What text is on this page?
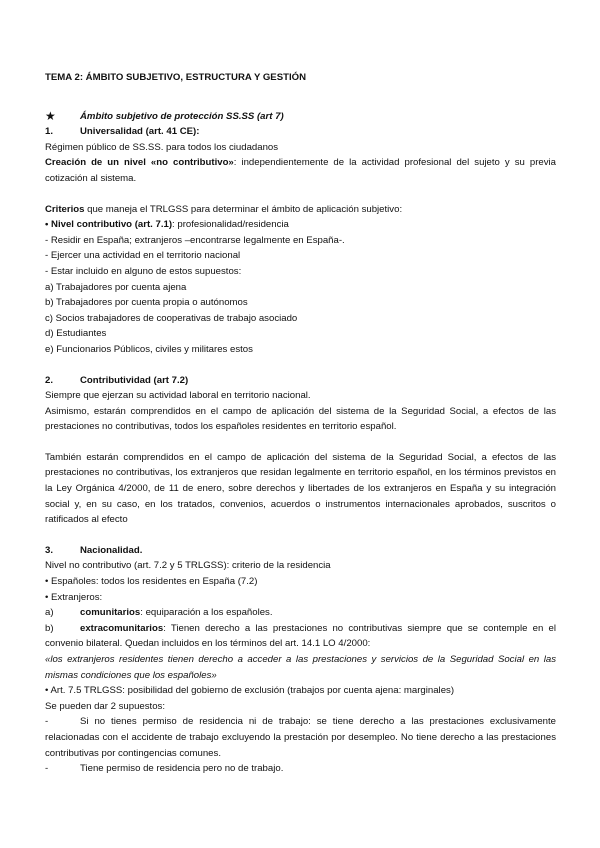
TEMA 2: ÁMBITO SUBJETIVO, ESTRUCTURA Y GESTIÓN

★	Ámbito subjetivo de protección SS.SS (art 7)
1.	Universalidad (art. 41 CE):

Régimen público de SS.SS. para todos los ciudadanos

Creación de un nivel «no contributivo»: independientemente de la actividad profesional del sujeto y su previa cotización al sistema.

Criterios que maneja el TRLGSS para determinar el ámbito de aplicación subjetivo:

• Nivel contributivo (art. 7.1): profesionalidad/residencia

- Residir en España; extranjeros –encontrarse legalmente en España-.

- Ejercer una actividad en el territorio nacional

- Estar incluido en alguno de estos supuestos:

a) Trabajadores por cuenta ajena

b) Trabajadores por cuenta propia o autónomos

c) Socios trabajadores de cooperativas de trabajo asociado

d) Estudiantes

e) Funcionarios Públicos, civiles y militares estos

2.	Contributividad (art 7.2)

Siempre que ejerzan su actividad laboral en territorio nacional.

Asimismo, estarán comprendidos en el campo de aplicación del sistema de la Seguridad Social, a efectos de las prestaciones no contributivas, todos los españoles residentes en territorio español.

También estarán comprendidos en el campo de aplicación del sistema de la Seguridad Social, a efectos de las prestaciones no contributivas, los extranjeros que residan legalmente en territorio español, en los términos previstos en la Ley Orgánica 4/2000, de 11 de enero, sobre derechos y libertades de los extranjeros en España y su integración social y, en su caso, en los tratados, convenios, acuerdos o instrumentos internacionales aprobados, suscritos o ratificados al efecto

3.	Nacionalidad.

Nivel no contributivo (art. 7.2 y 5 TRLGSS): criterio de la residencia

• Españoles: todos los residentes en España (7.2)

• Extranjeros:

a)	comunitarios: equiparación a los españoles.

b)	extracomunitarios: Tienen derecho a las prestaciones no contributivas siempre que se contemple en el convenio bilateral. Quedan incluidos en los términos del art. 14.1 LO 4/2000:

«los extranjeros residentes tienen derecho a acceder a las prestaciones y servicios de la Seguridad Social en las mismas condiciones que los españoles»

• Art. 7.5 TRLGSS: posibilidad del gobierno de exclusión (trabajos por cuenta ajena: marginales)

Se pueden dar 2 supuestos:

-	Si no tienes permiso de residencia ni de trabajo: se tiene derecho a las prestaciones exclusivamente relacionadas con el accidente de trabajo excluyendo la prestación por desempleo. No tiene derecho a las prestaciones contributivas por contingencias comunes.

-	Tiene permiso de residencia pero no de trabajo.
